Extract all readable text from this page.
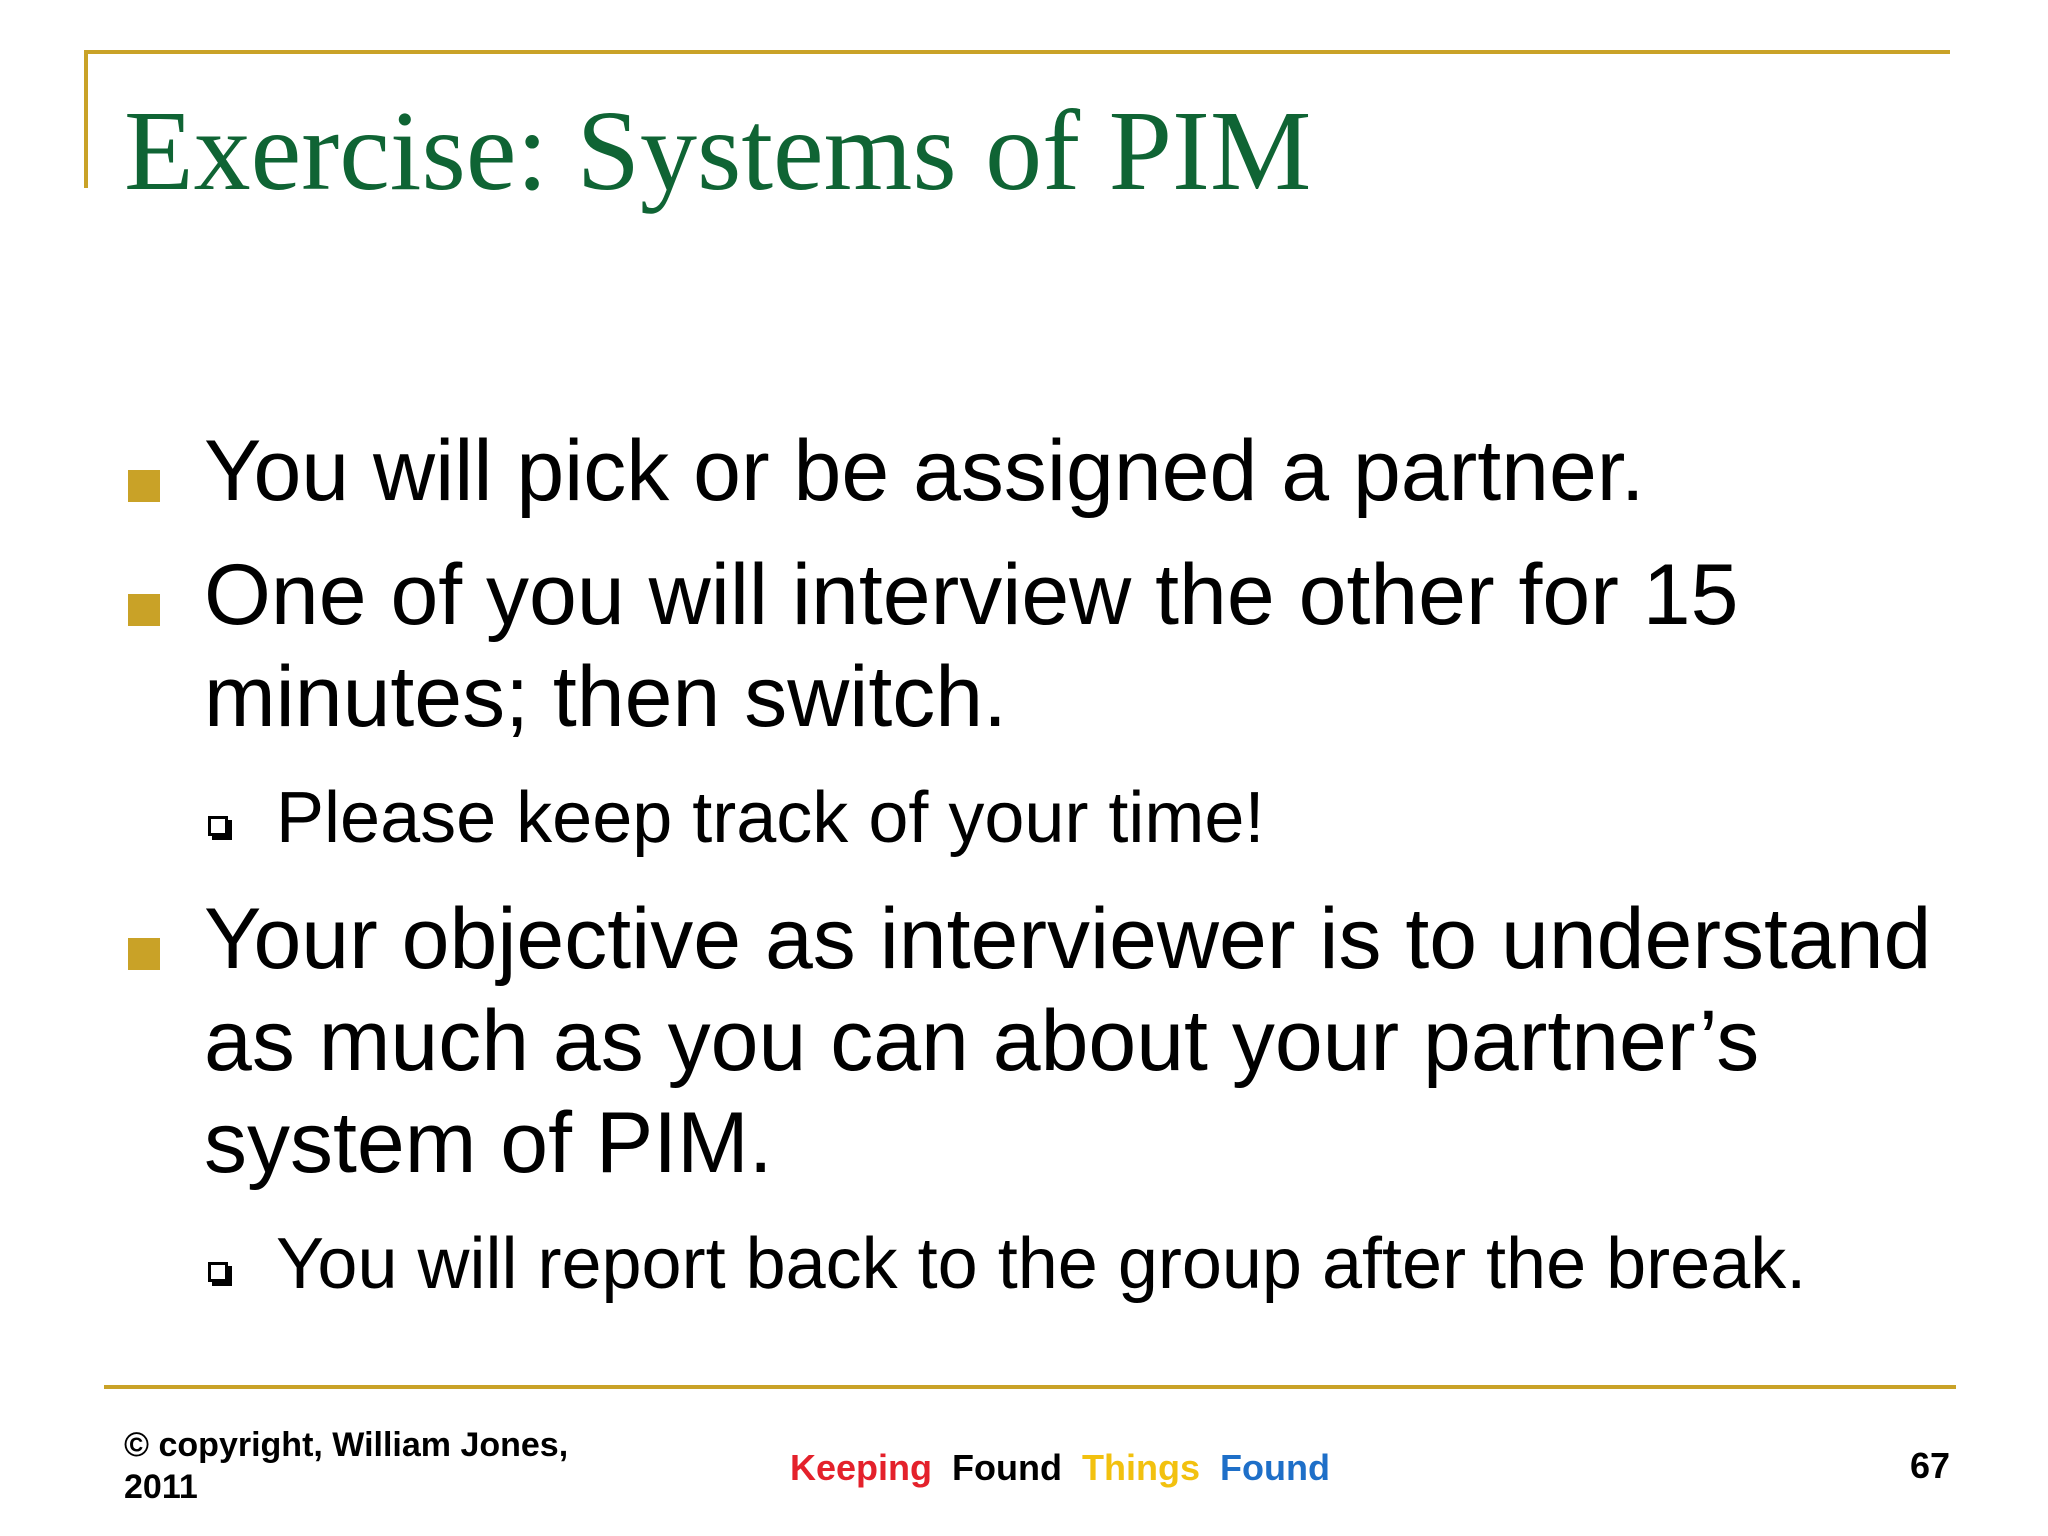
Exercise: Systems of PIM
You will pick or be assigned a partner.
One of you will interview the other for 15 minutes; then switch.
Please keep track of your time!
Your objective as interviewer is to understand as much as you can about your partner’s system of PIM.
You will report back to the group after the break.
© copyright, William Jones, 2011	Keeping Found Things Found	67
